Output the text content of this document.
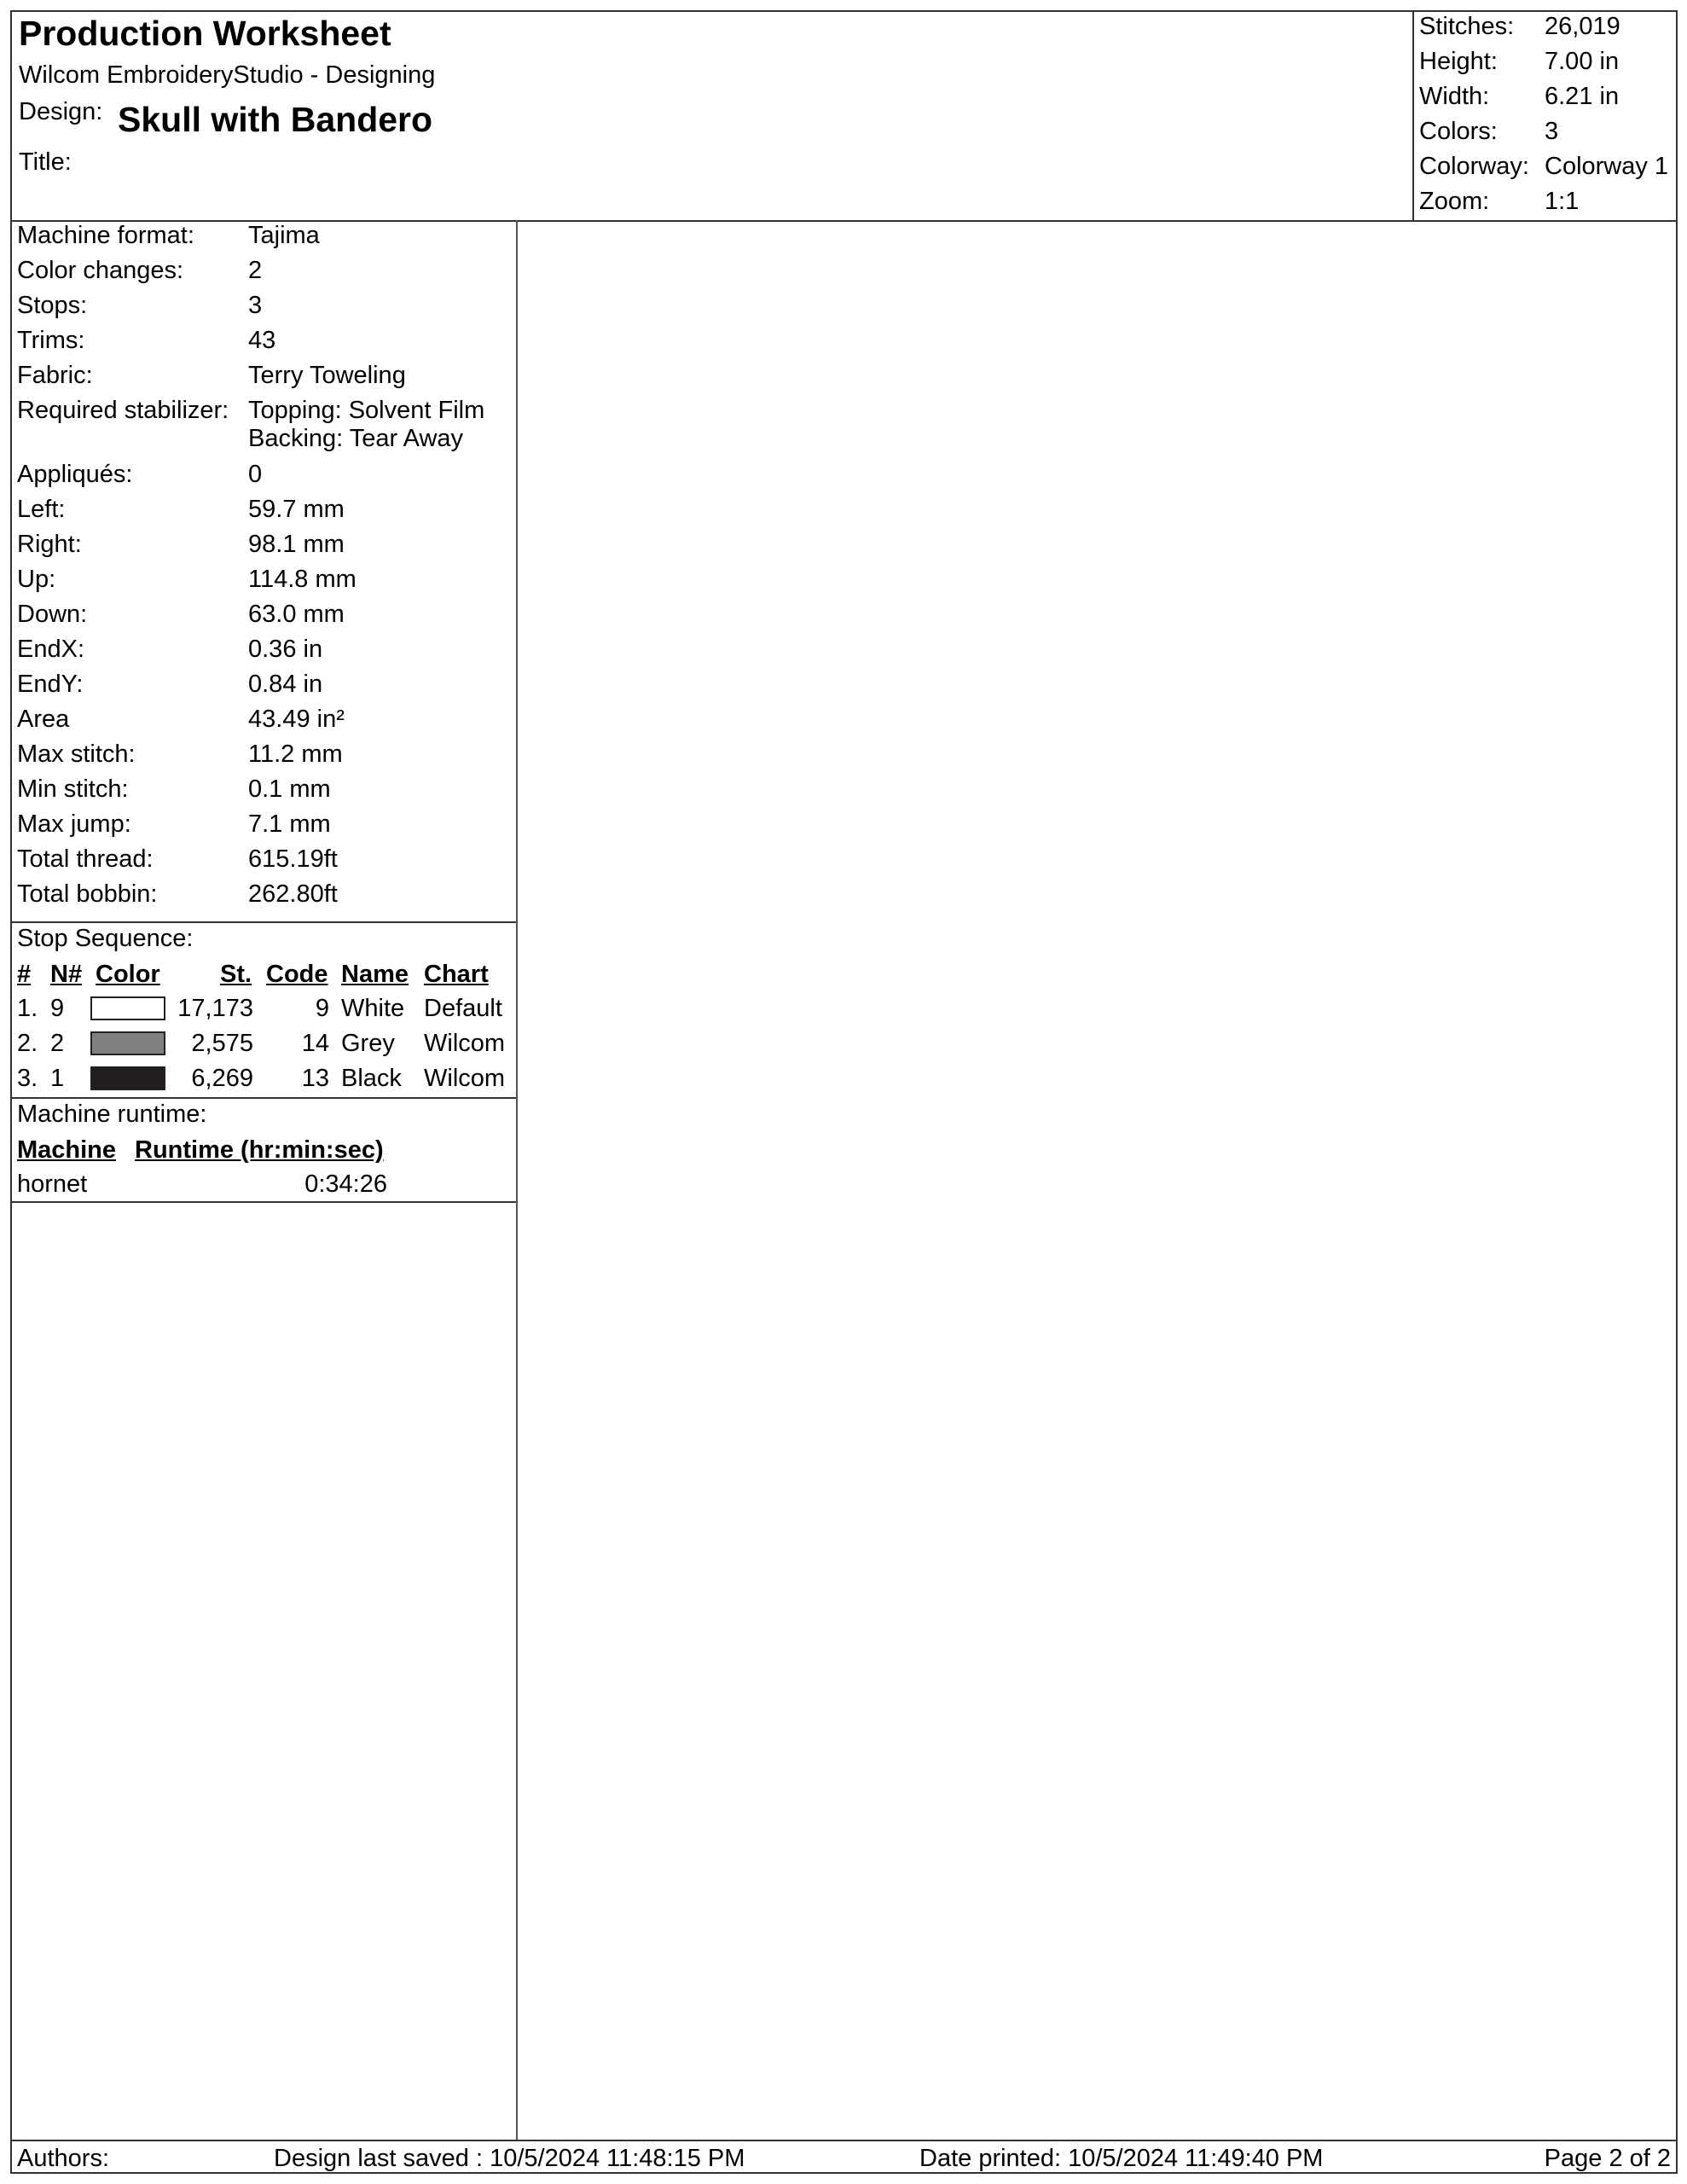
Production Worksheet
Wilcom EmbroideryStudio - Designing
Design: Skull with Bandero
Title:
Stitches: 26,019
Height: 7.00 in
Width: 6.21 in
Colors: 3
Colorway: Colorway 1
Zoom: 1:1
Machine format: Tajima
Color changes:	2
Stops:	3
Trims:	43
Fabric:	Terry Toweling
Required stabilizer: Topping: Solvent Film
Backing: Tear Away
Appliqués:	0
Left:	59.7 mm
Right:	98.1 mm
Up:	114.8 mm
Down:	63.0 mm
EndX:	0.36 in
EndY:	0.84 in
Area	43.49 in²
Max stitch:	11.2 mm
Min stitch:	0.1 mm
Max jump:	7.1 mm
Total thread:	615.19ft
Total bobbin:	262.80ft
Stop Sequence:
# N# Color St. Code Name Chart
1. 9	17,173	9 White Default
2. 2	2,575	14 Grey Wilcom
3. 1	6,269	13 Black Wilcom
Machine runtime:
Machine Runtime (hr:min:sec)
hornet	0:34:26
Authors:	Design last saved : 10/5/2024 11:48:15 PM	Date printed: 10/5/2024 11:49:40 PM	Page 2 of 2
